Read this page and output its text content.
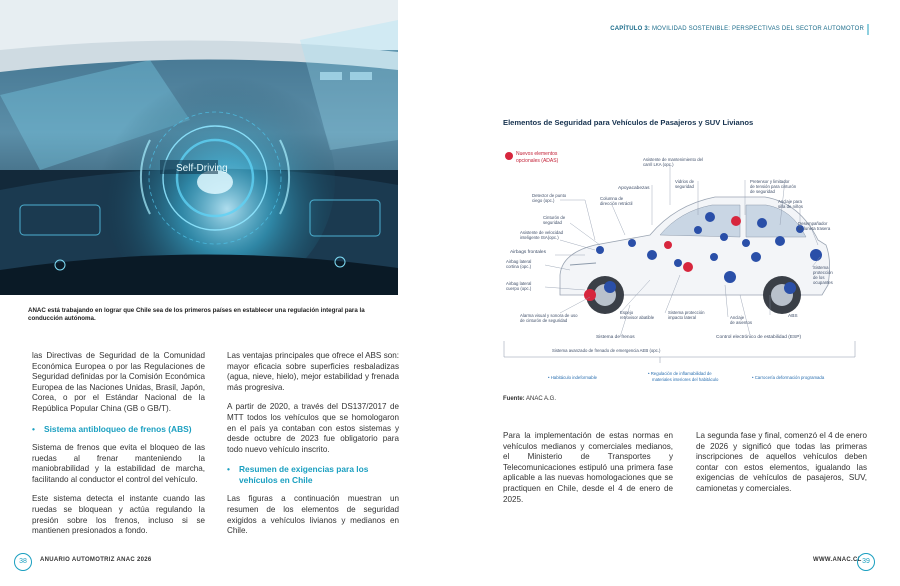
Self-Driving
ANAC está trabajando en lograr que Chile sea de los primeros países en establecer una regulación integral para la conducción autónoma.

las Directivas de Seguridad de la Comunidad Económica Europea o por las Regulaciones de Seguridad definidas por la Comisión Económica Europea de las Naciones Unidas, Brasil, Japón, Corea, o por el Estándar Nacional de la República Popular China (GB o GB/T).

•	Sistema antibloqueo de frenos (ABS)

Sistema de frenos que evita el bloqueo de las ruedas al frenar manteniendo la maniobrabilidad y la estabilidad de marcha, facilitando al conductor el control del vehículo.

Este sistema detecta el instante cuando las ruedas se bloquean y actúa regulando la presión sobre los frenos, incluso si se mantienen presionados a fondo.

Las ventajas principales que ofrece el ABS son: mayor eficacia sobre superficies resbaladizas (agua, nieve, hielo), mejor estabilidad y frenada más progresiva.

A partir de 2020, a través del DS137/2017 de MTT todos los vehículos que se homologaron en el país ya contaban con estos sistemas y desde octubre de 2023 fue obligatorio para todo nuevo vehículo inscrito.

•	Resumen de exigencias para los vehículos en Chile

Las figuras a continuación muestran un resumen de los elementos de seguridad exigidos a vehículos livianos y medianos en Chile.

38	ANUARIO AUTOMOTRIZ ANAC 2026
CAPÍTULO 3: MOVILIDAD SOSTENIBLE: PERSPECTIVAS DEL SECTOR AUTOMOTOR
Elementos de Seguridad para Vehículos de Pasajeros y SUV Livianos
Nuevos elementos
opcionales (ADAS)	Asistente de mantenimiento del
carril LKA (opc.)
Apoyacabezas
Vidrios de
seguridad
Pretensor y limitador
de tensión para cinturón
de seguridad
Detector de punto
ciego (opc.)	Columna de
dirección retráctil	Anclaje para
silla de niños
Cinturón de
seguridad
Asistente de velocidad
inteligente ISA(opc.)
Desempañador
de luneta trasera
Airbags frontales
Airbag lateral
cortina (opc.)	Sistema
protección
de los
ocupantes
Airbag lateral
cuerpo (opc.)
Alarma visual y sonora de uso
de cinturón de seguridad
Espejo
retrovisor abatible
Sistema protección
impacto lateral	Anclaje
de asientos
ABS
Sistema de frenos	Control electrónico de estabilidad (ESP)
Sistema avanzado de frenado de emergencia AEB (opc.)
• Habitáculo indeformable
• Regulación de inflamabilidad de
materiales interiores del habitáculo	• Carrocería deformación programada
Fuente: ANAC A.G.

Para la implementación de estas normas en vehículos medianos y comerciales medianos, el Ministerio de Transportes y Telecomunicaciones estipuló una primera fase aplicable a las nuevas homologaciones que se practiquen en Chile, desde el 4 de enero de 2025.

La segunda fase y final, comenzó el 4 de enero de 2026 y significó que todas las primeras inscripciones de aquellos vehículos deben contar con estos elementos, igualando las exigencias de vehículos de pasajeros, SUV, camionetas y comerciales.

WWW.ANAC.CL 39
